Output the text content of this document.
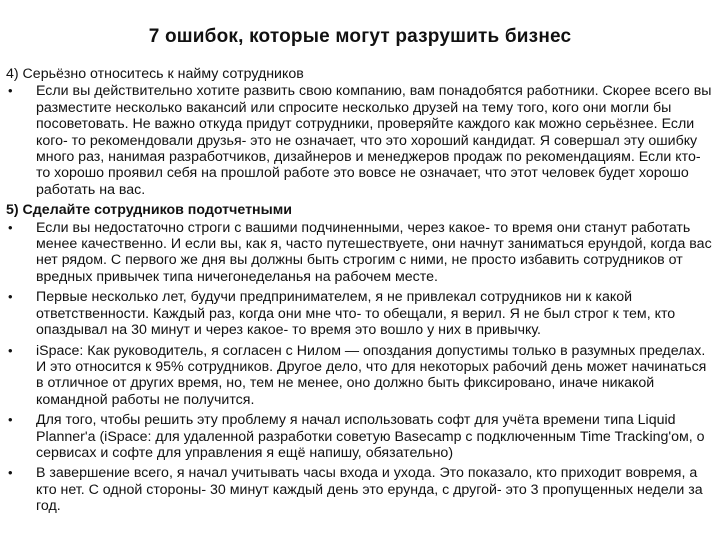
7 ошибок, которые могут разрушить бизнес
4) Серьёзно относитесь к найму сотрудников
• Если вы действительно хотите развить свою компанию, вам понадобятся работники. Скорее всего вы разместите несколько вакансий или спросите несколько друзей на тему того, кого они могли бы посоветовать. Не важно откуда придут сотрудники, проверяйте каждого как можно серьёзнее. Если кого- то рекомендовали друзья- это не означает, что это хороший кандидат. Я совершал эту ошибку много раз, нанимая разработчиков, дизайнеров и менеджеров продаж по рекомендациям. Если кто- то хорошо проявил себя на прошлой работе это вовсе не означает, что этот человек будет хорошо работать на вас.
5) Сделайте сотрудников подотчетными
• Если вы недостаточно строги с вашими подчиненными, через какое- то время они станут работать менее качественно. И если вы, как я, часто путешествуете, они начнут заниматься ерундой, когда вас нет рядом. С первого же дня вы должны быть строгим с ними, не просто избавить сотрудников от вредных привычек типа ничегонеделанья на рабочем месте.
• Первые несколько лет, будучи предпринимателем, я не привлекал сотрудников ни к какой ответственности. Каждый раз, когда они мне что- то обещали, я верил. Я не был строг к тем, кто опаздывал на 30 минут и через какое- то время это вошло у них в привычку.
• iSpace: Как руководитель, я согласен с Нилом — опоздания допустимы только в разумных пределах. И это относится к 95% сотрудников. Другое дело, что для некоторых рабочий день может начинаться в отличное от других время, но, тем не менее, оно должно быть фиксировано, иначе никакой командной работы не получится.
• Для того, чтобы решить эту проблему я начал использовать софт для учёта времени типа Liquid Planner'a (iSpace: для удаленной разработки советую Basecamp с подключенным Time Tracking'ом, о сервисах и софте для управления я ещё напишу, обязательно)
• В завершение всего, я начал учитывать часы входа и ухода. Это показало, кто приходит вовремя, а кто нет. С одной стороны- 30 минут каждый день это ерунда, с другой- это 3 пропущенных недели за год.
